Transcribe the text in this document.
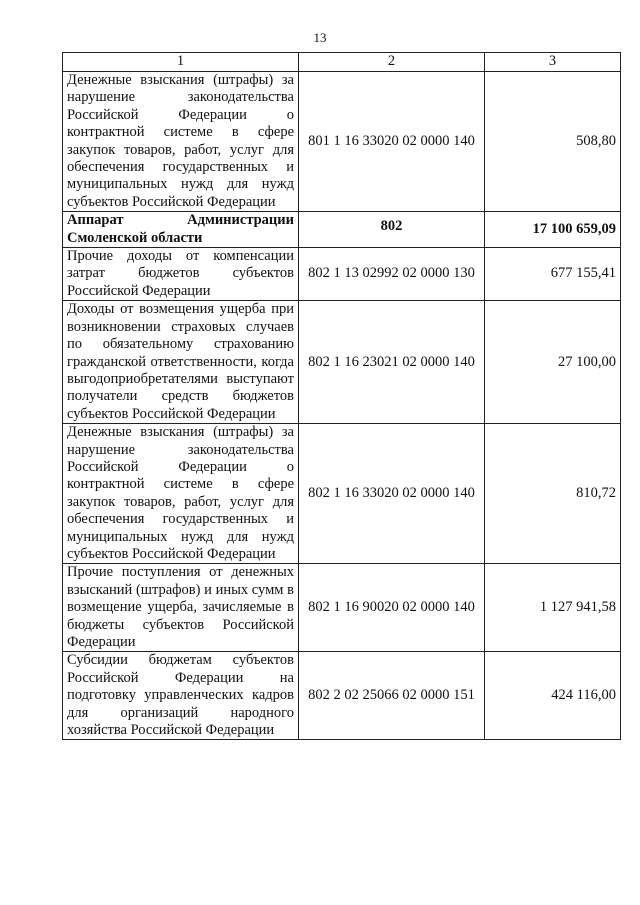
13
1	2	3
Денежные взыскания (штрафы) за нарушение законодательства Российской Федерации о контрактной системе в сфере закупок товаров, работ, услуг для обеспечения государственных и муниципальных нужд для нужд субъектов Российской Федерации	801 1 16 33020 02 0000 140	508,80
Аппарат Администрации Смоленской области	802	17 100 659,09
Прочие доходы от компенсации затрат бюджетов субъектов Российской Федерации	802 1 13 02992 02 0000 130	677 155,41
Доходы от возмещения ущерба при возникновении страховых случаев по обязательному страхованию гражданской ответственности, когда выгодоприобретателями выступают получатели средств бюджетов субъектов Российской Федерации	802 1 16 23021 02 0000 140	27 100,00
Денежные взыскания (штрафы) за нарушение законодательства Российской Федерации о контрактной системе в сфере закупок товаров, работ, услуг для обеспечения государственных и муниципальных нужд для нужд субъектов Российской Федерации	802 1 16 33020 02 0000 140	810,72
Прочие поступления от денежных взысканий (штрафов) и иных сумм в возмещение ущерба, зачисляемые в бюджеты субъектов Российской Федерации	802 1 16 90020 02 0000 140	1 127 941,58
Субсидии бюджетам субъектов Российской Федерации на подготовку управленческих кадров для организаций народного хозяйства Российской Федерации	802 2 02 25066 02 0000 151	424 116,00
